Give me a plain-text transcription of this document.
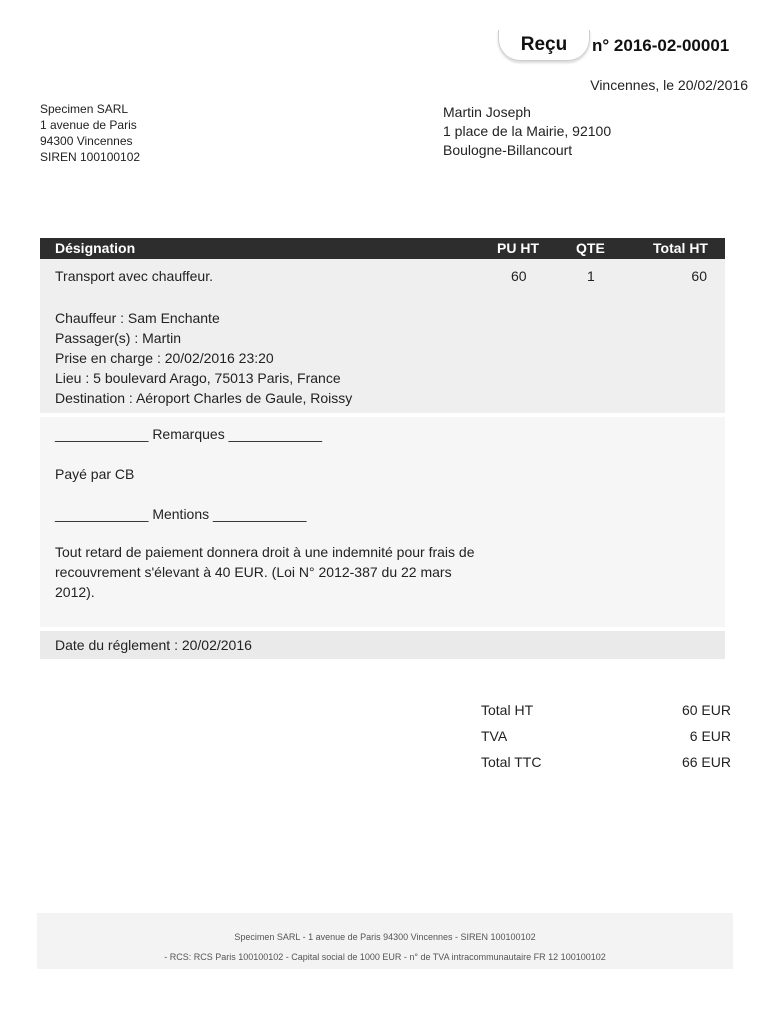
Reçu	n° 2016-02-00001
Vincennes, le 20/02/2016
Specimen SARL
1 avenue de Paris
94300 Vincennes
SIREN 100100102
Martin Joseph
1 place de la Mairie, 92100
Boulogne-Billancourt
Désignation	PU HT	QTE	Total HT
Transport avec chauffeur.	60	1	60
Chauffeur : Sam Enchante
Passager(s) : Martin
Prise en charge : 20/02/2016 23:20
Lieu : 5 boulevard Arago, 75013 Paris, France
Destination : Aéroport Charles de Gaule, Roissy
____________ Remarques ____________
Payé par CB
____________ Mentions ____________
Tout retard de paiement donnera droit à une indemnité pour frais de recouvrement s'élevant à 40 EUR. (Loi N° 2012-387 du 22 mars 2012).
Date du réglement : 20/02/2016
Total HT	60 EUR
TVA	6 EUR
Total TTC	66 EUR
Specimen SARL - 1 avenue de Paris 94300 Vincennes - SIREN 100100102
- RCS: RCS Paris 100100102 - Capital social de 1000 EUR - n° de TVA intracommunautaire FR 12 100100102
